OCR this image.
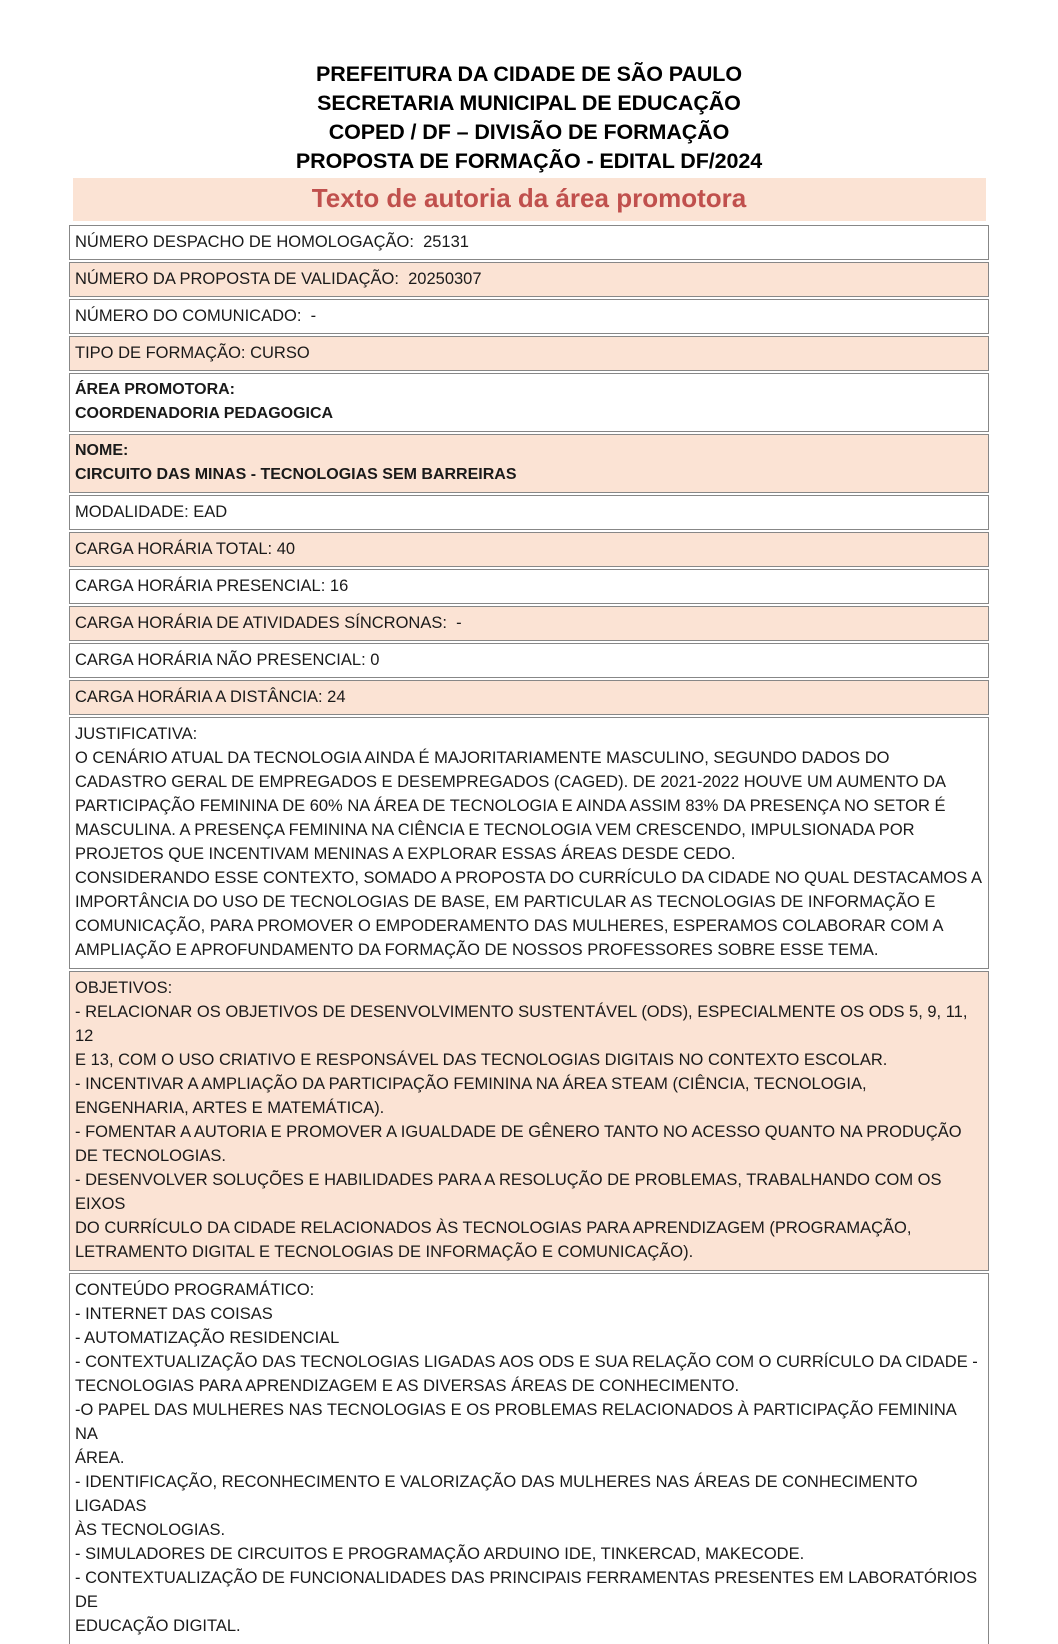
PREFEITURA DA CIDADE DE SÃO PAULO
SECRETARIA MUNICIPAL DE EDUCAÇÃO
COPED / DF – DIVISÃO DE FORMAÇÃO
PROPOSTA DE FORMAÇÃO - EDITAL DF/2024
Texto de autoria da área promotora
NÚMERO DESPACHO DE HOMOLOGAÇÃO:  25131
NÚMERO DA PROPOSTA DE VALIDAÇÃO:  20250307
NÚMERO DO COMUNICADO:  -
TIPO DE FORMAÇÃO: CURSO
ÁREA PROMOTORA:
COORDENADORIA PEDAGOGICA
NOME:
CIRCUITO DAS MINAS - TECNOLOGIAS SEM BARREIRAS
MODALIDADE: EAD
CARGA HORÁRIA TOTAL: 40
CARGA HORÁRIA PRESENCIAL: 16
CARGA HORÁRIA DE ATIVIDADES SÍNCRONAS:  -
CARGA HORÁRIA NÃO PRESENCIAL: 0
CARGA HORÁRIA A DISTÂNCIA: 24
JUSTIFICATIVA:
O CENÁRIO ATUAL DA TECNOLOGIA AINDA É MAJORITARIAMENTE MASCULINO, SEGUNDO DADOS DO
CADASTRO GERAL DE EMPREGADOS E DESEMPREGADOS (CAGED). DE 2021-2022 HOUVE UM AUMENTO DA
PARTICIPAÇÃO FEMININA DE 60% NA ÁREA DE TECNOLOGIA E AINDA ASSIM 83% DA PRESENÇA NO SETOR É
MASCULINA. A PRESENÇA FEMININA NA CIÊNCIA E TECNOLOGIA VEM CRESCENDO, IMPULSIONADA POR
PROJETOS QUE INCENTIVAM MENINAS A EXPLORAR ESSAS ÁREAS DESDE CEDO.
CONSIDERANDO ESSE CONTEXTO, SOMADO A PROPOSTA DO CURRÍCULO DA CIDADE NO QUAL DESTACAMOS A
IMPORTÂNCIA DO USO DE TECNOLOGIAS DE BASE, EM PARTICULAR AS TECNOLOGIAS DE INFORMAÇÃO E
COMUNICAÇÃO, PARA PROMOVER O EMPODERAMENTO DAS MULHERES, ESPERAMOS COLABORAR COM A
AMPLIAÇÃO E APROFUNDAMENTO DA FORMAÇÃO DE NOSSOS PROFESSORES SOBRE ESSE TEMA.
OBJETIVOS:
- RELACIONAR OS OBJETIVOS DE DESENVOLVIMENTO SUSTENTÁVEL (ODS), ESPECIALMENTE OS ODS 5, 9, 11, 12
E 13, COM O USO CRIATIVO E RESPONSÁVEL DAS TECNOLOGIAS DIGITAIS NO CONTEXTO ESCOLAR.
- INCENTIVAR A AMPLIAÇÃO DA PARTICIPAÇÃO FEMININA NA ÁREA STEAM (CIÊNCIA, TECNOLOGIA,
ENGENHARIA, ARTES E MATEMÁTICA).
- FOMENTAR A AUTORIA E PROMOVER A IGUALDADE DE GÊNERO TANTO NO ACESSO QUANTO NA PRODUÇÃO
DE TECNOLOGIAS.
- DESENVOLVER SOLUÇÕES E HABILIDADES PARA A RESOLUÇÃO DE PROBLEMAS, TRABALHANDO COM OS EIXOS
DO CURRÍCULO DA CIDADE RELACIONADOS ÀS TECNOLOGIAS PARA APRENDIZAGEM (PROGRAMAÇÃO,
LETRAMENTO DIGITAL E TECNOLOGIAS DE INFORMAÇÃO E COMUNICAÇÃO).
CONTEÚDO PROGRAMÁTICO:
- INTERNET DAS COISAS
- AUTOMATIZAÇÃO RESIDENCIAL
- CONTEXTUALIZAÇÃO DAS TECNOLOGIAS LIGADAS AOS ODS E SUA RELAÇÃO COM O CURRÍCULO DA CIDADE -
TECNOLOGIAS PARA APRENDIZAGEM E AS DIVERSAS ÁREAS DE CONHECIMENTO.
-O PAPEL DAS MULHERES NAS TECNOLOGIAS E OS PROBLEMAS RELACIONADOS À PARTICIPAÇÃO FEMININA NA
ÁREA.
- IDENTIFICAÇÃO, RECONHECIMENTO E VALORIZAÇÃO DAS MULHERES NAS ÁREAS DE CONHECIMENTO LIGADAS
ÀS TECNOLOGIAS.
- SIMULADORES DE CIRCUITOS E PROGRAMAÇÃO ARDUINO IDE, TINKERCAD, MAKECODE.
- CONTEXTUALIZAÇÃO DE FUNCIONALIDADES DAS PRINCIPAIS FERRAMENTAS PRESENTES EM LABORATÓRIOS DE
EDUCAÇÃO DIGITAL.
